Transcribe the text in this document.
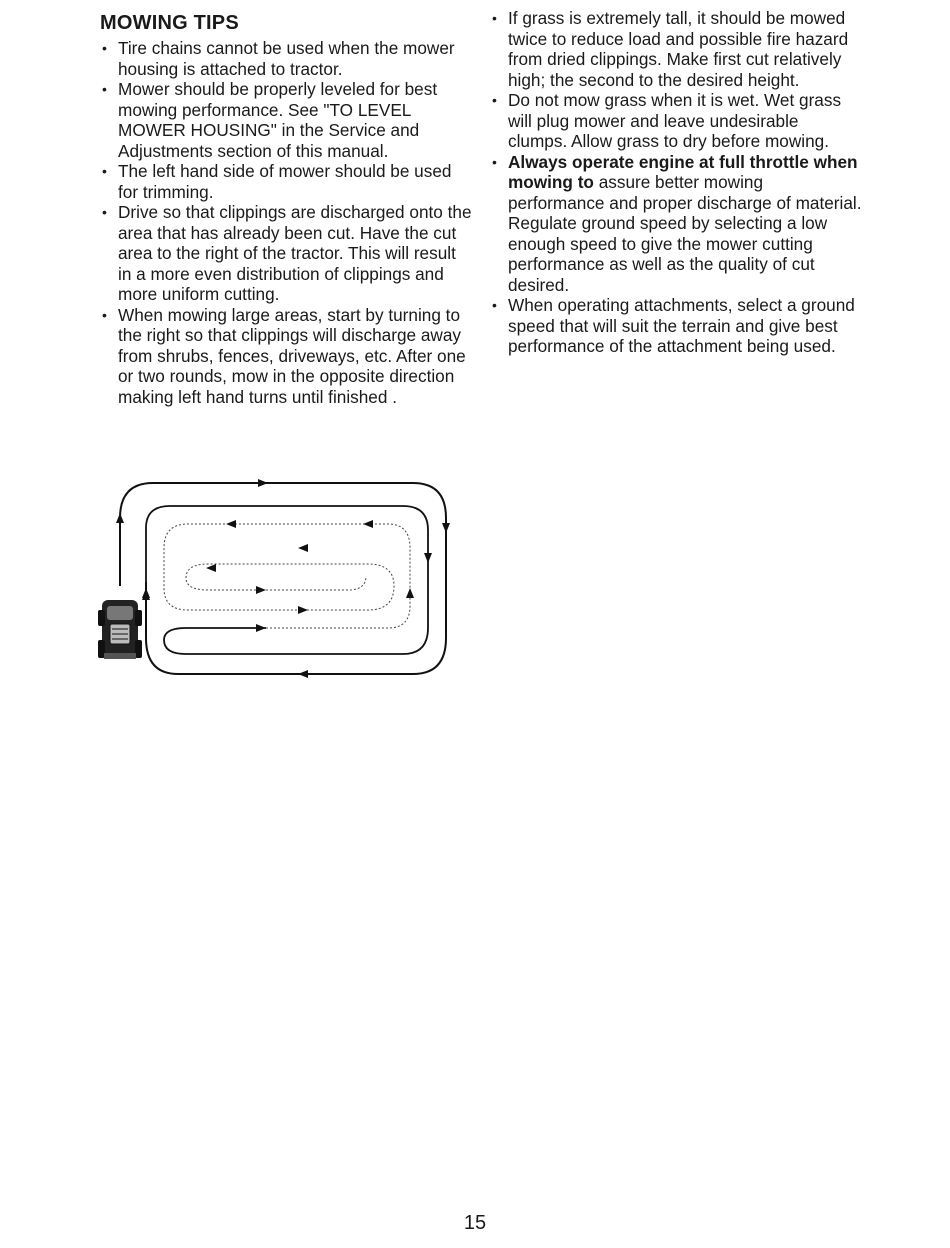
MOWING TIPS
• Tire chains cannot be used when the mower housing is attached to tractor.
• Mower should be properly leveled for best mowing performance. See "TO LEVEL MOWER HOUSING" in the Service and Adjustments section of this manual.
• The left hand side of mower should be used for trimming.
• Drive so that clippings are discharged onto the area that has already been cut. Have the cut area to the right of the tractor. This will result in a more even distribution of clippings and more uniform cutting.
• When mowing large areas, start by turning to the right so that clippings will discharge away from shrubs, fences, driveways, etc. After one or two rounds, mow in the opposite direction making left hand turns until finished .
• If grass is extremely tall, it should be mowed twice to reduce load and possible fire hazard from dried clippings. Make first cut relatively high; the second to the desired height.
• Do not mow grass when it is wet. Wet grass will plug mower and leave undesirable clumps. Allow grass to dry before mowing.
• Always operate engine at full throttle when mowing to assure better mowing performance and proper discharge of material. Regulate ground speed by selecting a low enough speed to give the mower cutting performance as well as the quality of cut desired.
• When operating attachments, select a ground speed that will suit the terrain and give best performance of the attachment being used.
15
